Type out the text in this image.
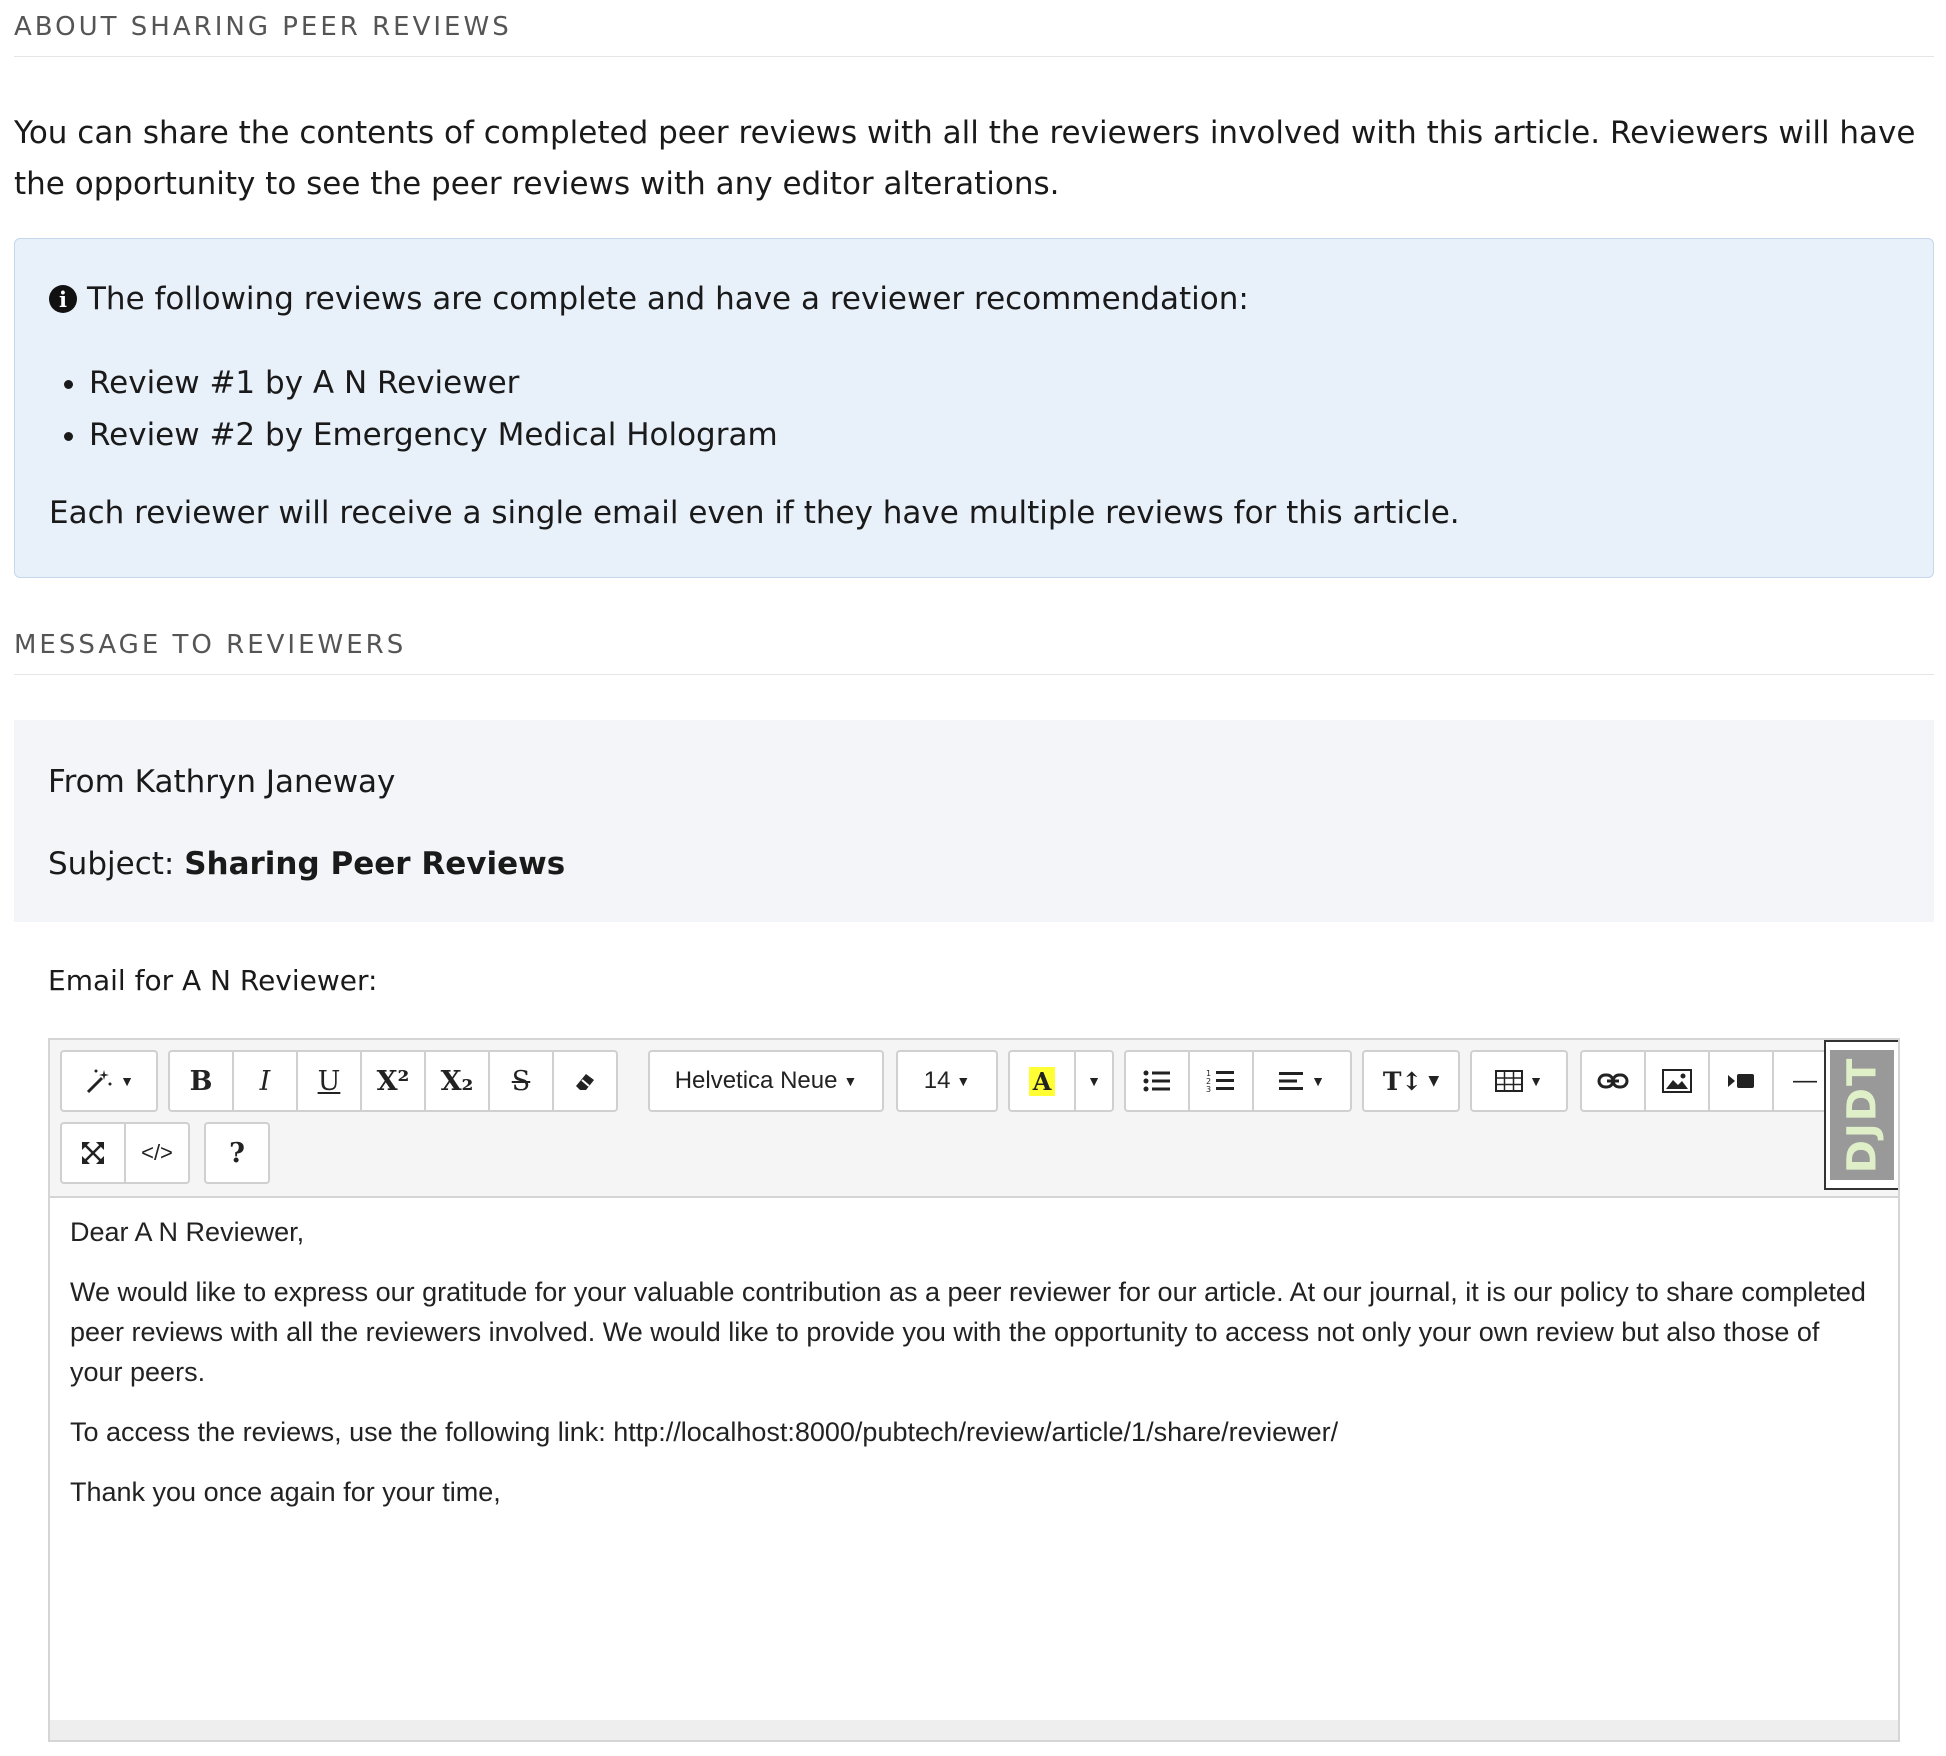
ABOUT SHARING PEER REVIEWS

You can share the contents of completed peer reviews with all the reviewers involved with this article. Reviewers will have the opportunity to see the peer reviews with any editor alterations.

i The following reviews are complete and have a reviewer recommendation:
• Review #1 by A N Reviewer
• Review #2 by Emergency Medical Hologram

Each reviewer will receive a single email even if they have multiple reviews for this article.

MESSAGE TO REVIEWERS
From Kathryn Janeway
Subject: Sharing Peer Reviews
Email for A N Reviewer:
▼	B	I	U	X²	X₂	S	Helvetica Neue ▼	14 ▼	A	▼	1
2
3
▼ T↕ ▼	▼	—
</>	?	DJDT

Dear A N Reviewer,

We would like to express our gratitude for your valuable contribution as a peer reviewer for our article. At our journal, it is our policy to share completed peer reviews with all the reviewers involved. We would like to provide you with the opportunity to access not only your own review but also those of your peers.

To access the reviews, use the following link: http://localhost:8000/pubtech/review/article/1/share/reviewer/

Thank you once again for your time,
